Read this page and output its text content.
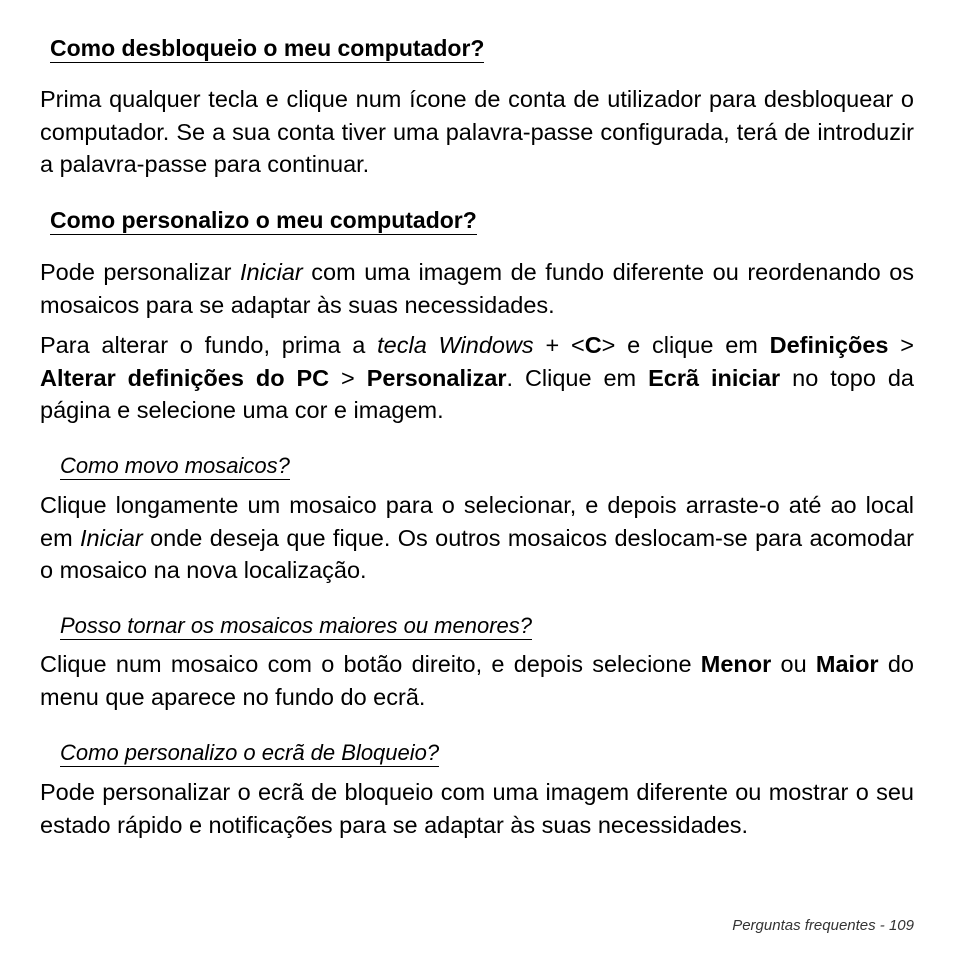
Como desbloqueio o meu computador?

Prima qualquer tecla e clique num ícone de conta de utilizador para desbloquear o computador. Se a sua conta tiver uma palavra-passe configurada, terá de introduzir a palavra-passe para continuar.

Como personalizo o meu computador?

Pode personalizar Iniciar com uma imagem de fundo diferente ou reordenando os mosaicos para se adaptar às suas necessidades.

Para alterar o fundo, prima a tecla Windows + <C> e clique em Definições > Alterar definições do PC > Personalizar. Clique em Ecrã iniciar no topo da página e selecione uma cor e imagem.

Como movo mosaicos?

Clique longamente um mosaico para o selecionar, e depois arraste-o até ao local em Iniciar onde deseja que fique. Os outros mosaicos deslocam-se para acomodar o mosaico na nova localização.

Posso tornar os mosaicos maiores ou menores?

Clique num mosaico com o botão direito, e depois selecione Menor ou Maior do menu que aparece no fundo do ecrã.

Como personalizo o ecrã de Bloqueio?

Pode personalizar o ecrã de bloqueio com uma imagem diferente ou mostrar o seu estado rápido e notificações para se adaptar às suas necessidades.

Perguntas frequentes - 109
